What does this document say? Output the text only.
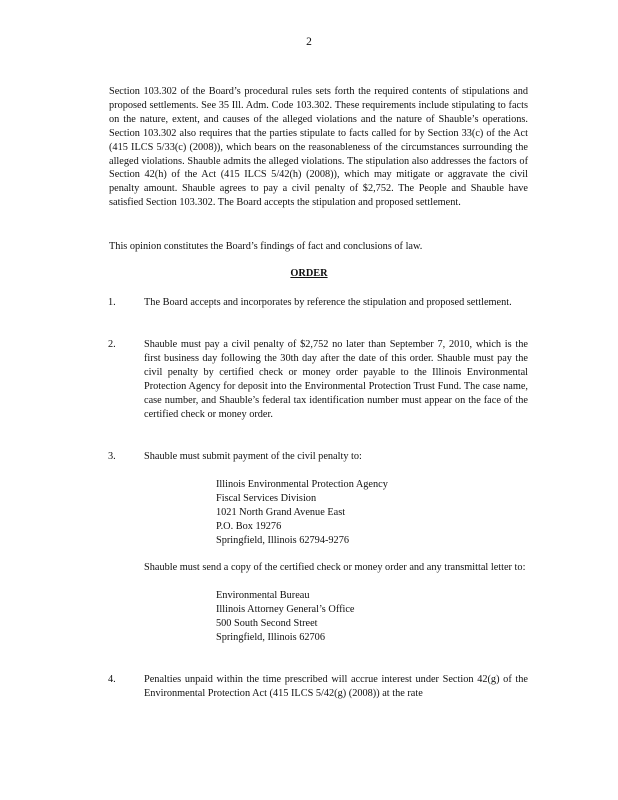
2
Section 103.302 of the Board’s procedural rules sets forth the required contents of stipulations and proposed settlements. See 35 Ill. Adm. Code 103.302. These requirements include stipulating to facts on the nature, extent, and causes of the alleged violations and the nature of Shauble’s operations. Section 103.302 also requires that the parties stipulate to facts called for by Section 33(c) of the Act (415 ILCS 5/33(c) (2008)), which bears on the reasonableness of the circumstances surrounding the alleged violations. Shauble admits the alleged violations. The stipulation also addresses the factors of Section 42(h) of the Act (415 ILCS 5/42(h) (2008)), which may mitigate or aggravate the civil penalty amount. Shauble agrees to pay a civil penalty of $2,752. The People and Shauble have satisfied Section 103.302. The Board accepts the stipulation and proposed settlement.
This opinion constitutes the Board’s findings of fact and conclusions of law.
ORDER
1.	The Board accepts and incorporates by reference the stipulation and proposed settlement.
2.	Shauble must pay a civil penalty of $2,752 no later than September 7, 2010, which is the first business day following the 30th day after the date of this order. Shauble must pay the civil penalty by certified check or money order payable to the Illinois Environmental Protection Agency for deposit into the Environmental Protection Trust Fund. The case name, case number, and Shauble’s federal tax identification number must appear on the face of the certified check or money order.
3.	Shauble must submit payment of the civil penalty to:
Illinois Environmental Protection Agency
Fiscal Services Division
1021 North Grand Avenue East
P.O. Box 19276
Springfield, Illinois 62794-9276
Shauble must send a copy of the certified check or money order and any transmittal letter to:
Environmental Bureau
Illinois Attorney General’s Office
500 South Second Street
Springfield, Illinois 62706
4.	Penalties unpaid within the time prescribed will accrue interest under Section 42(g) of the Environmental Protection Act (415 ILCS 5/42(g) (2008)) at the rate
